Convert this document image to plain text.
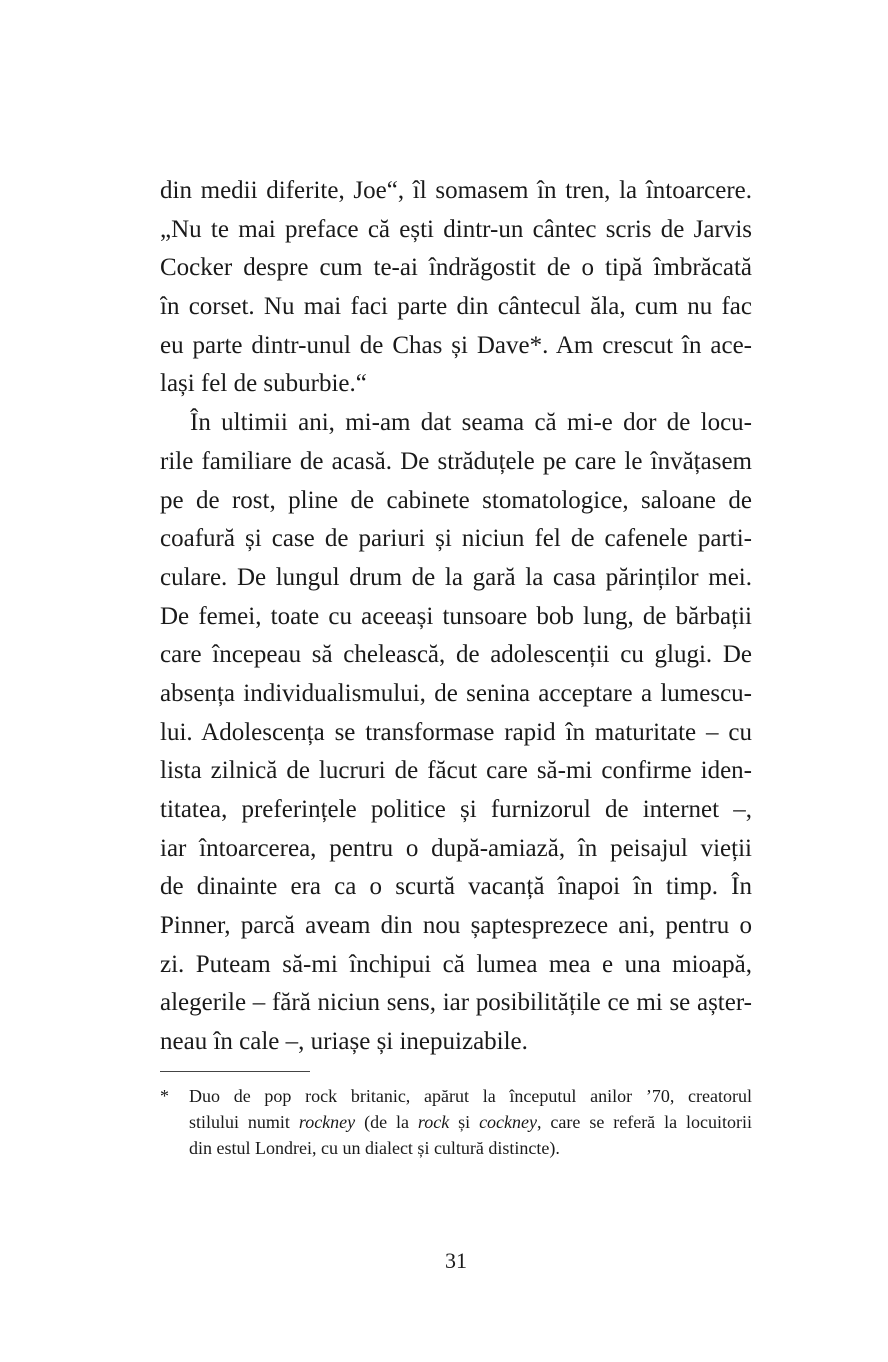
din medii diferite, Joe“, îl somasem în tren, la întoarcere.
„Nu te mai preface că ești dintr-un cântec scris de Jarvis
Cocker despre cum te-ai îndrăgostit de o tipă îmbrăcată
în corset. Nu mai faci parte din cântecul ăla, cum nu fac
eu parte dintr-unul de Chas și Dave*. Am crescut în ace-
lași fel de suburbie.“
În ultimii ani, mi-am dat seama că mi-e dor de locu-
rile familiare de acasă. De străduțele pe care le învățasem
pe de rost, pline de cabinete stomatologice, saloane de
coafură și case de pariuri și niciun fel de cafenele parti-
culare. De lungul drum de la gară la casa părinților mei.
De femei, toate cu aceeași tunsoare bob lung, de bărbații
care începeau să chelească, de adolescenții cu glugi. De
absența individualismului, de senina acceptare a lumescu-
lui. Adolescența se transformase rapid în maturitate – cu
lista zilnică de lucruri de făcut care să-mi confirme iden-
titatea, preferințele politice și furnizorul de internet –,
iar întoarcerea, pentru o după-amiază, în peisajul vieții
de dinainte era ca o scurtă vacanță înapoi în timp. În
Pinner, parcă aveam din nou șaptesprezece ani, pentru o
zi. Puteam să-mi închipui că lumea mea e una mioapă,
alegerile – fără niciun sens, iar posibilitățile ce mi se așter-
neau în cale –, uriașe și inepuizabile.
*	Duo de pop rock britanic, apărut la începutul anilor ’70, creatorul
stilului numit rockney (de la rock și cockney, care se referă la locuitorii
din estul Londrei, cu un dialect și cultură distincte).
31
